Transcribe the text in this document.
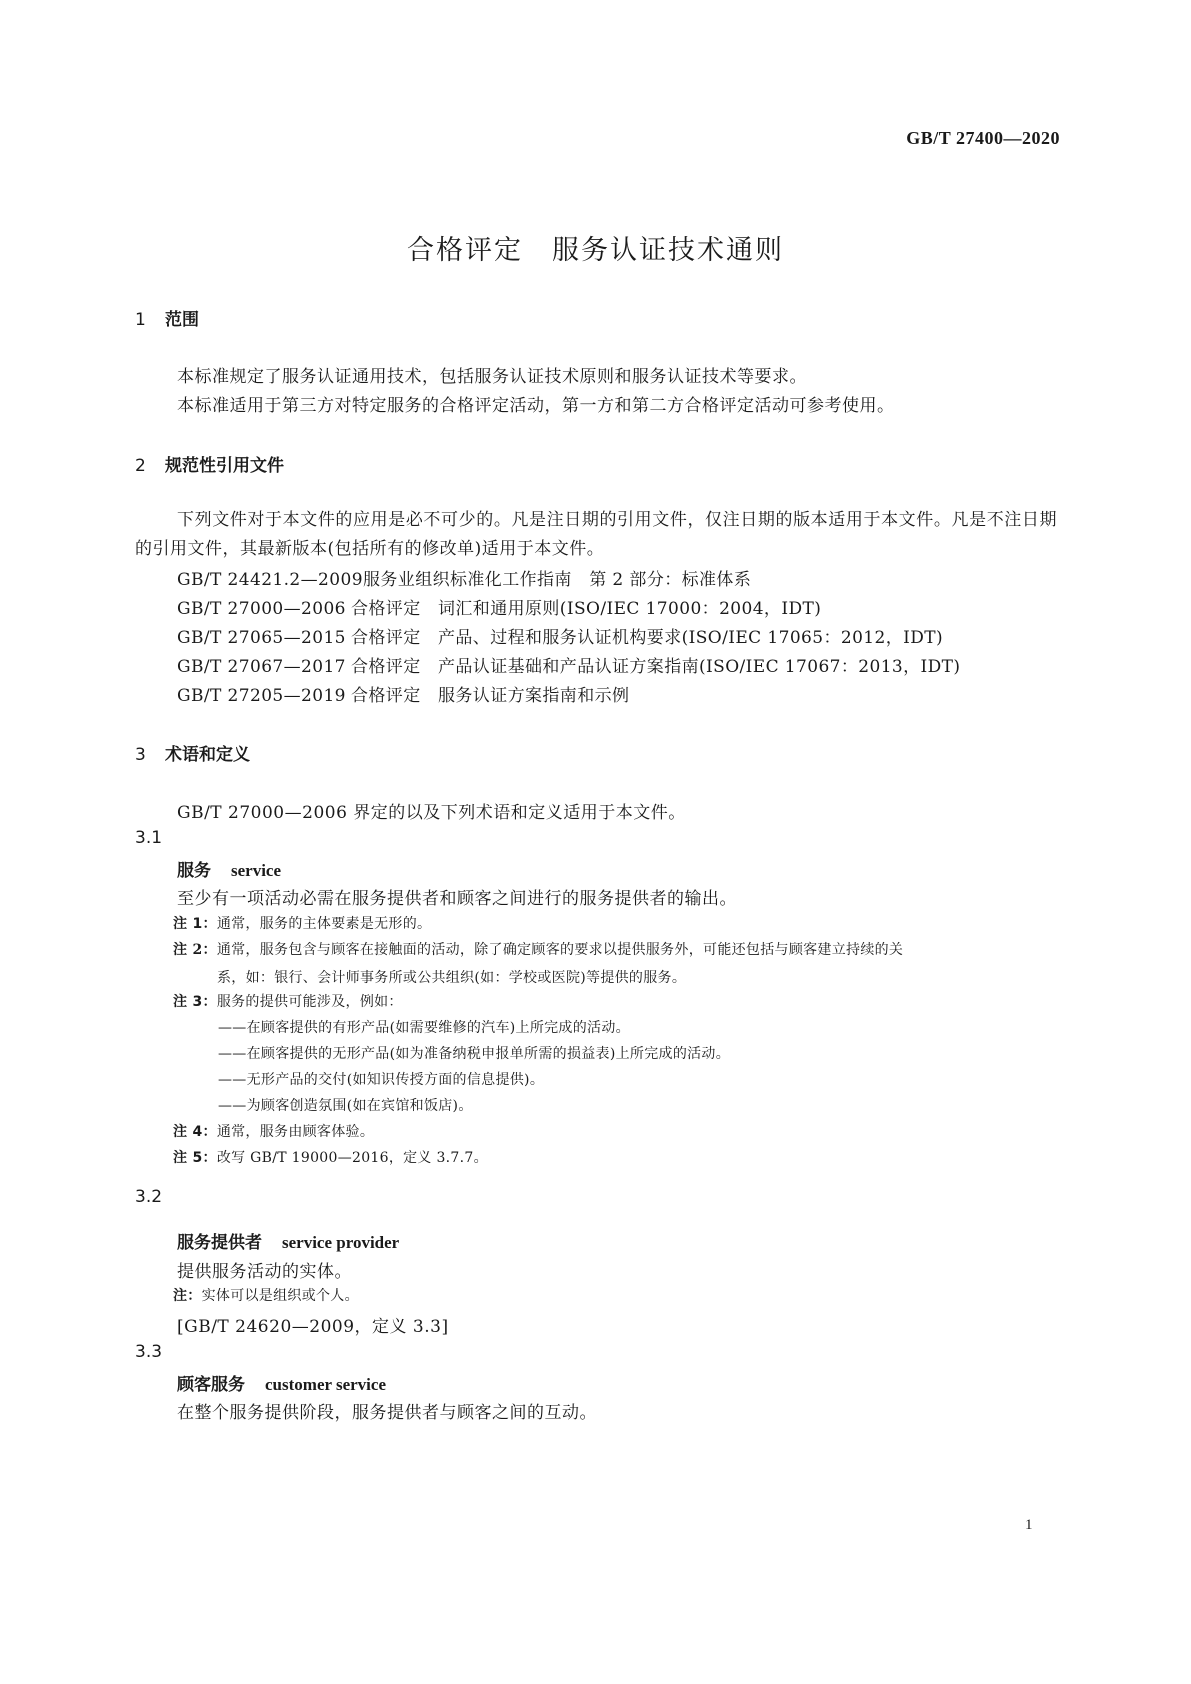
GB/T 27400—2020
合格评定　服务认证技术通则
1 范围
本标准规定了服务认证通用技术，包括服务认证技术原则和服务认证技术等要求。
本标准适用于第三方对特定服务的合格评定活动，第一方和第二方合格评定活动可参考使用。
2 规范性引用文件
下列文件对于本文件的应用是必不可少的。凡是注日期的引用文件，仅注日期的版本适用于本文件。凡是不注日期的引用文件，其最新版本(包括所有的修改单)适用于本文件。
GB/T 24421.2—2009服务业组织标准化工作指南　第 2 部分：标准体系
GB/T 27000—2006 合格评定　词汇和通用原则(ISO/IEC 17000：2004，IDT)
GB/T 27065—2015 合格评定　产品、过程和服务认证机构要求(ISO/IEC 17065：2012，IDT)
GB/T 27067—2017 合格评定　产品认证基础和产品认证方案指南(ISO/IEC 17067：2013，IDT)
GB/T 27205—2019 合格评定　服务认证方案指南和示例
3 术语和定义
GB/T 27000—2006 界定的以及下列术语和定义适用于本文件。
3.1
服务 service
至少有一项活动必需在服务提供者和顾客之间进行的服务提供者的输出。
注 1：通常，服务的主体要素是无形的。
注 2：通常，服务包含与顾客在接触面的活动，除了确定顾客的要求以提供服务外，可能还包括与顾客建立持续的关
系，如：银行、会计师事务所或公共组织(如：学校或医院)等提供的服务。
注 3：服务的提供可能涉及，例如：
——在顾客提供的有形产品(如需要维修的汽车)上所完成的活动。
——在顾客提供的无形产品(如为准备纳税申报单所需的损益表)上所完成的活动。
——无形产品的交付(如知识传授方面的信息提供)。
——为顾客创造氛围(如在宾馆和饭店)。
注 4：通常，服务由顾客体验。
注 5：改写 GB/T 19000—2016，定义 3.7.7。
3.2
服务提供者 service provider
提供服务活动的实体。
注：实体可以是组织或个人。
[GB/T 24620—2009，定义 3.3]
3.3
顾客服务 customer service
在整个服务提供阶段，服务提供者与顾客之间的互动。
1
